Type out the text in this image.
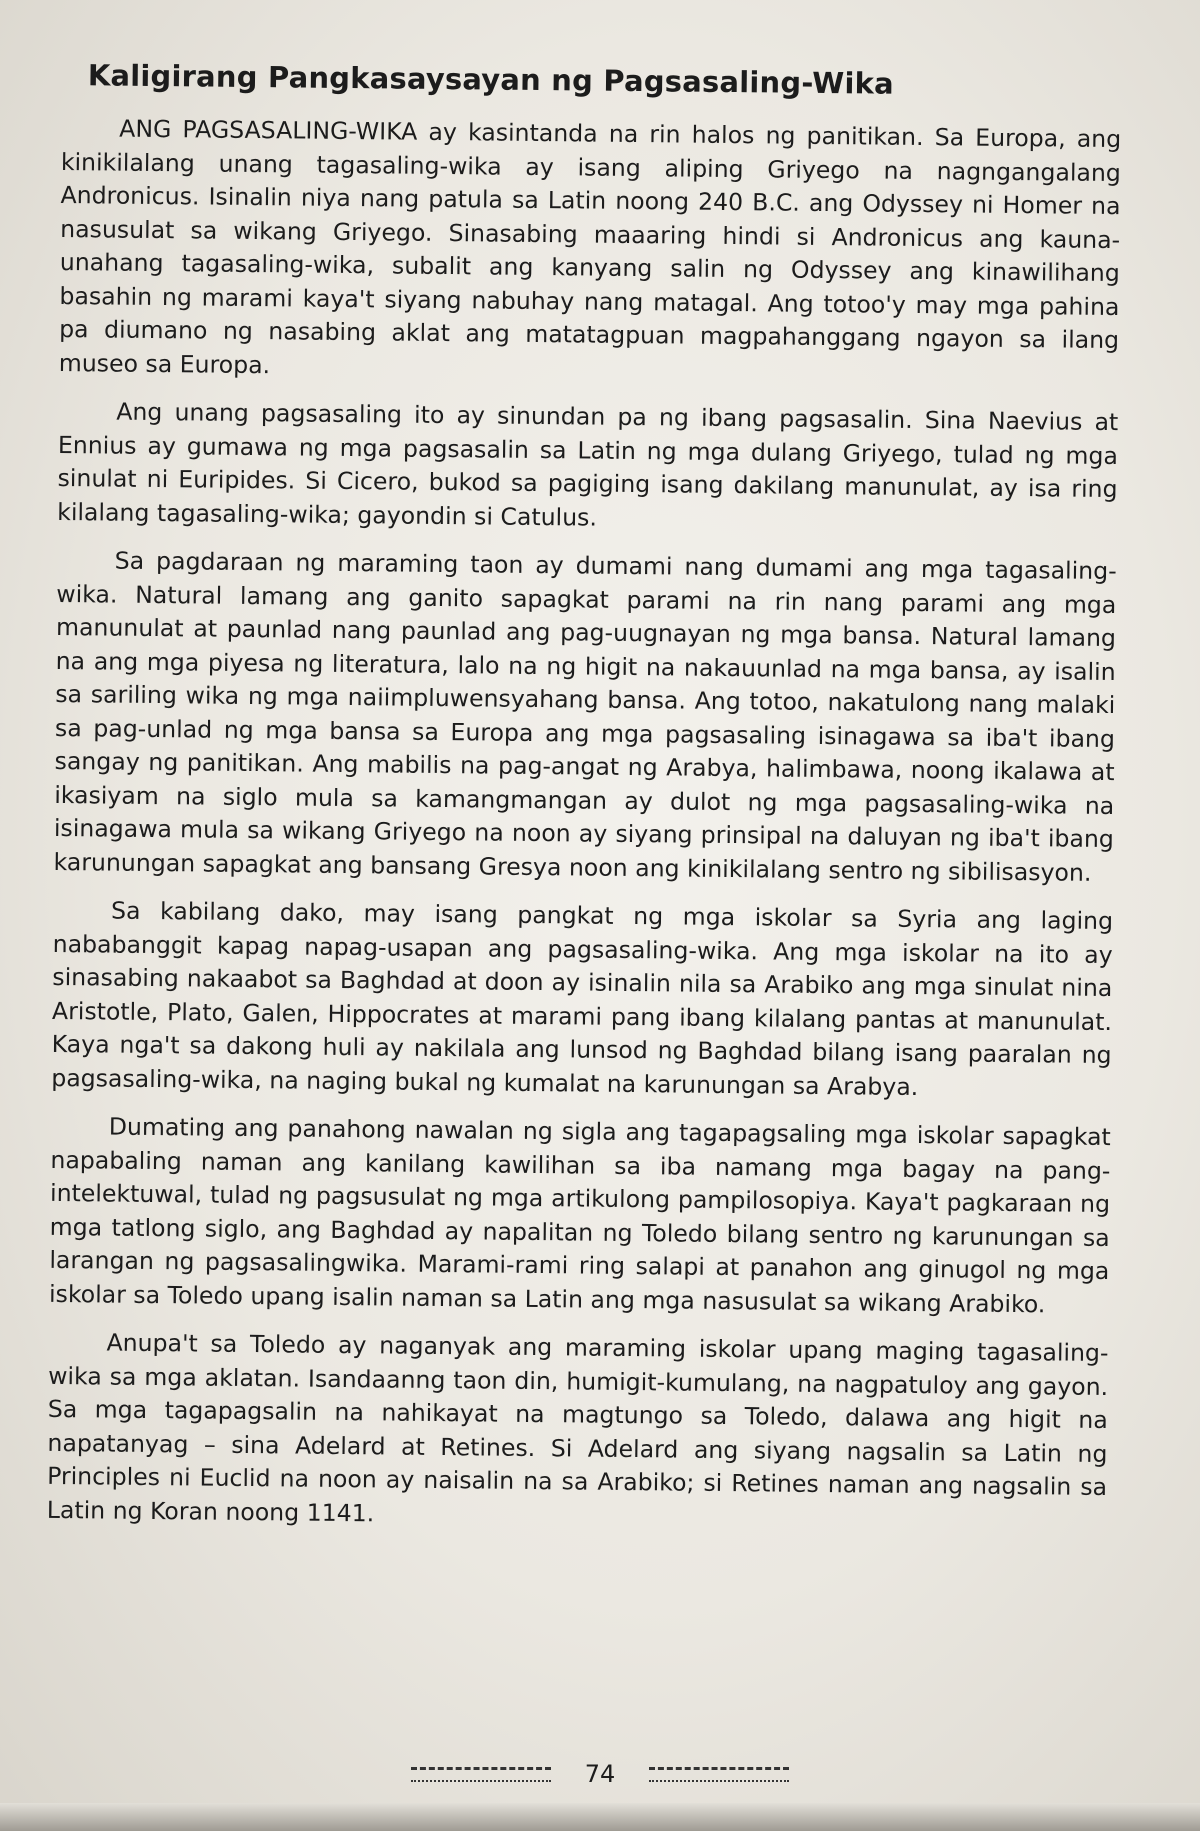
Kaligirang Pangkasaysayan ng Pagsasaling-Wika

ANG PAGSASALING-WIKA ay kasintanda na rin halos ng panitikan. Sa Europa, ang kinikilalang unang tagasaling-wika ay isang aliping Griyego na nagngangalang Andronicus. Isinalin niya nang patula sa Latin noong 240 B.C. ang Odyssey ni Homer na nasusulat sa wikang Griyego. Sinasabing maaaring hindi si Andronicus ang kauna-unahang tagasaling-wika, subalit ang kanyang salin ng Odyssey ang kinawilihang basahin ng marami kaya't siyang nabuhay nang matagal. Ang totoo'y may mga pahina pa diumano ng nasabing aklat ang matatagpuan magpahanggang ngayon sa ilang museo sa Europa.

Ang unang pagsasaling ito ay sinundan pa ng ibang pagsasalin. Sina Naevius at Ennius ay gumawa ng mga pagsasalin sa Latin ng mga dulang Griyego, tulad ng mga sinulat ni Euripides. Si Cicero, bukod sa pagiging isang dakilang manunulat, ay isa ring kilalang tagasaling-wika; gayondin si Catulus.

Sa pagdaraan ng maraming taon ay dumami nang dumami ang mga tagasaling-wika. Natural lamang ang ganito sapagkat parami na rin nang parami ang mga manunulat at paunlad nang paunlad ang pag-uugnayan ng mga bansa. Natural lamang na ang mga piyesa ng literatura, lalo na ng higit na nakauunlad na mga bansa, ay isalin sa sariling wika ng mga naiimpluwensyahang bansa. Ang totoo, nakatulong nang malaki sa pag-unlad ng mga bansa sa Europa ang mga pagsasaling isinagawa sa iba't ibang sangay ng panitikan. Ang mabilis na pag-angat ng Arabya, halimbawa, noong ikalawa at ikasiyam na siglo mula sa kamangmangan ay dulot ng mga pagsasaling-wika na isinagawa mula sa wikang Griyego na noon ay siyang prinsipal na daluyan ng iba't ibang karunungan sapagkat ang bansang Gresya noon ang kinikilalang sentro ng sibilisasyon.

Sa kabilang dako, may isang pangkat ng mga iskolar sa Syria ang laging nababanggit kapag napag-usapan ang pagsasaling-wika. Ang mga iskolar na ito ay sinasabing nakaabot sa Baghdad at doon ay isinalin nila sa Arabiko ang mga sinulat nina Aristotle, Plato, Galen, Hippocrates at marami pang ibang kilalang pantas at manunulat. Kaya nga't sa dakong huli ay nakilala ang lunsod ng Baghdad bilang isang paaralan ng pagsasaling-wika, na naging bukal ng kumalat na karunungan sa Arabya.

Dumating ang panahong nawalan ng sigla ang tagapagsaling mga iskolar sapagkat napabaling naman ang kanilang kawilihan sa iba namang mga bagay na pang-intelektuwal, tulad ng pagsusulat ng mga artikulong pampilosopiya. Kaya't pagkaraan ng mga tatlong siglo, ang Baghdad ay napalitan ng Toledo bilang sentro ng karunungan sa larangan ng pagsasalingwika. Marami-rami ring salapi at panahon ang ginugol ng mga iskolar sa Toledo upang isalin naman sa Latin ang mga nasusulat sa wikang Arabiko.

Anupa't sa Toledo ay naganyak ang maraming iskolar upang maging tagasaling-wika sa mga aklatan. Isandaanng taon din, humigit-kumulang, na nagpatuloy ang gayon. Sa mga tagapagsalin na nahikayat na magtungo sa Toledo, dalawa ang higit na napatanyag – sina Adelard at Retines. Si Adelard ang siyang nagsalin sa Latin ng Principles ni Euclid na noon ay naisalin na sa Arabiko; si Retines naman ang nagsalin sa Latin ng Koran noong 1141.

74
